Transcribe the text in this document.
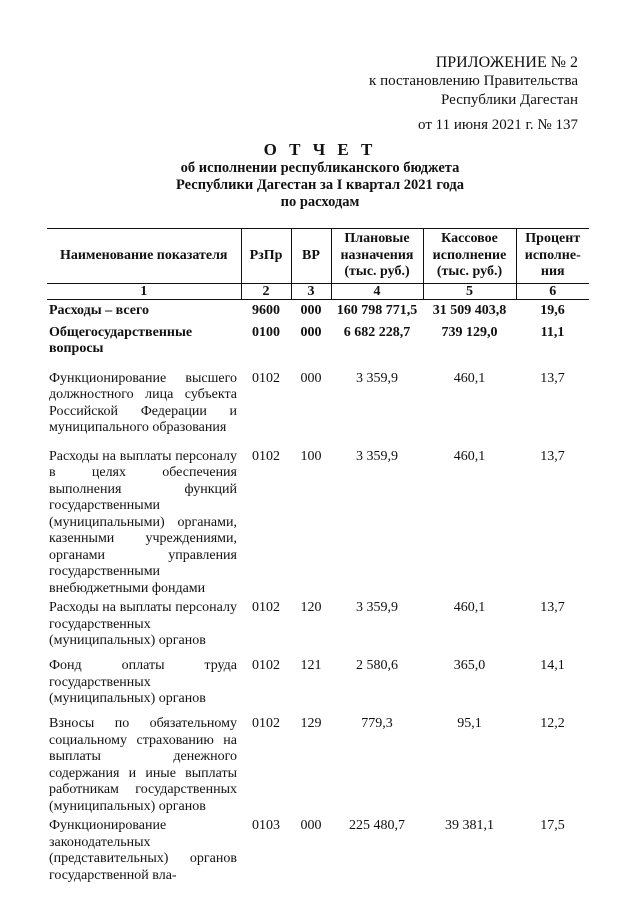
ПРИЛОЖЕНИЕ № 2
к постановлению Правительства
Республики Дагестан
от 11 июня 2021 г. № 137
О Т Ч Е Т
об исполнении республиканского бюджета
Республики Дагестан за I квартал 2021 года
по расходам
Наименование показателя	РзПр	ВР	Плановые назначения (тыс. руб.)	Кассовое исполнение (тыс. руб.)	Процент исполне-ния
1	2	3	4	5	6
Расходы – всего	9600	000	160 798 771,5	31 509 403,8	19,6
Общегосударственные вопросы	0100	000	6 682 228,7	739 129,0	11,1
Функционирование высшего должностного лица субъекта Российской Федерации и муниципального образования	0102	000	3 359,9	460,1	13,7
Расходы на выплаты персоналу в целях обеспечения выполнения функций государственными (муниципальными) органами, казенными учреждениями, органами управления государственными внебюджетными фондами	0102	100	3 359,9	460,1	13,7
Расходы на выплаты персоналу государственных (муниципальных) органов	0102	120	3 359,9	460,1	13,7
Фонд оплаты труда государственных (муниципальных) органов	0102	121	2 580,6	365,0	14,1
Взносы по обязательному социальному страхованию на выплаты денежного содержания и иные выплаты работникам государственных (муниципальных) органов	0102	129	779,3	95,1	12,2
Функционирование законодательных (представительных) органов государственной вла-	0103	000	225 480,7	39 381,1	17,5
